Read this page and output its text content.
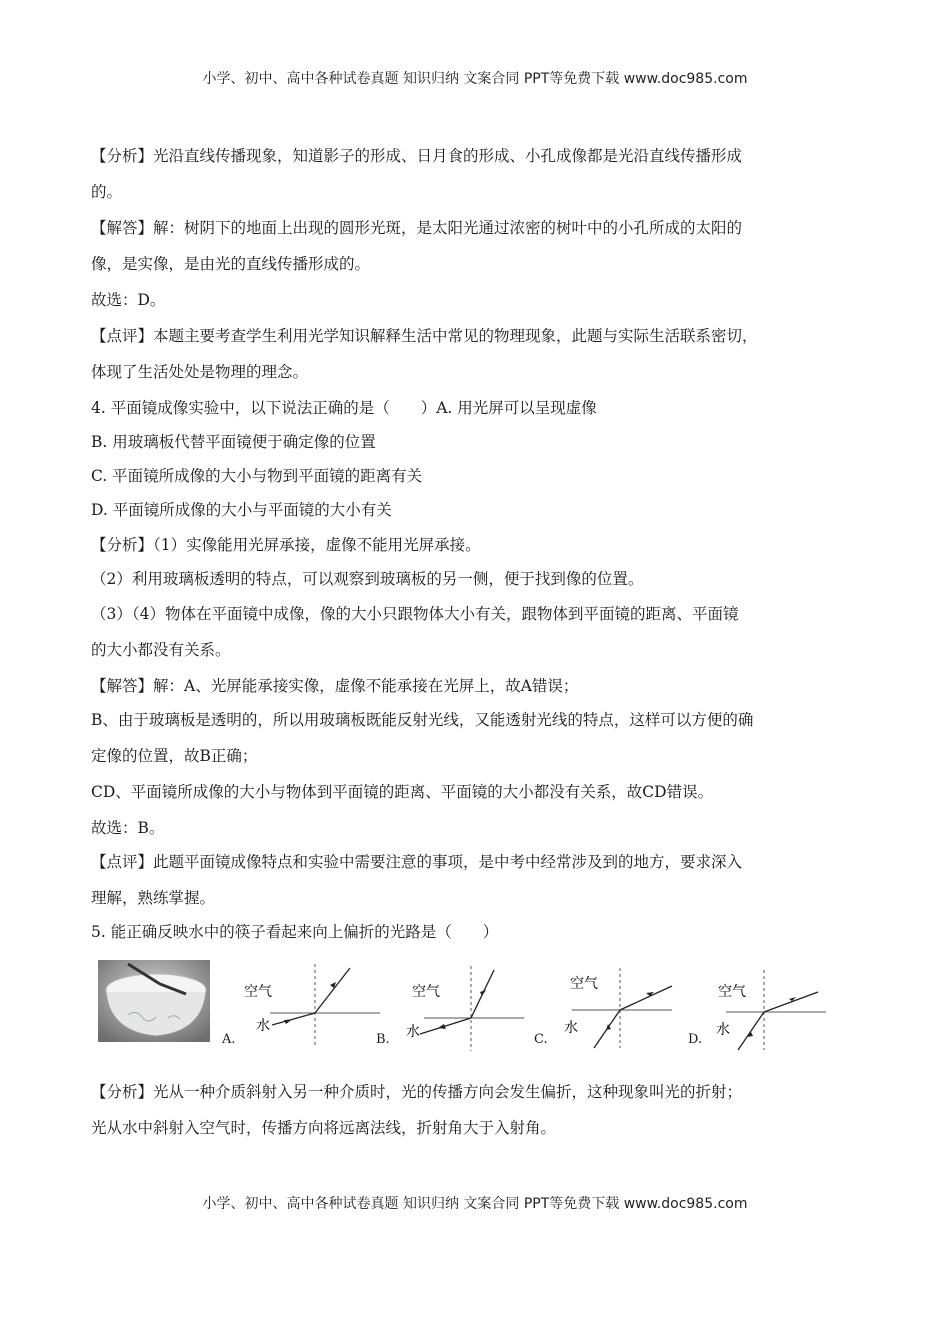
小学、初中、高中各种试卷真题 知识归纳 文案合同 PPT等免费下载 www.doc985.com
【分析】光沿直线传播现象，知道影子的形成、日月食的形成、小孔成像都是光沿直线传播形成
的。
【解答】解：树阴下的地面上出现的圆形光斑，是太阳光通过浓密的树叶中的小孔所成的太阳的
像，是实像，是由光的直线传播形成的。
故选：D。
【点评】本题主要考查学生利用光学知识解释生活中常见的物理现象，此题与实际生活联系密切，
体现了生活处处是物理的理念。
4. 平面镜成像实验中，以下说法正确的是（　　）A. 用光屏可以呈现虚像
B. 用玻璃板代替平面镜便于确定像的位置
C. 平面镜所成像的大小与物到平面镜的距离有关
D. 平面镜所成像的大小与平面镜的大小有关
【分析】（1）实像能用光屏承接，虚像不能用光屏承接。
（2）利用玻璃板透明的特点，可以观察到玻璃板的另一侧，便于找到像的位置。
（3）（4）物体在平面镜中成像，像的大小只跟物体大小有关，跟物体到平面镜的距离、平面镜
的大小都没有关系。
【解答】解：A、光屏能承接实像，虚像不能承接在光屏上，故A错误；
B、由于玻璃板是透明的，所以用玻璃板既能反射光线，又能透射光线的特点，这样可以方便的确
定像的位置，故B正确；
CD、平面镜所成像的大小与物体到平面镜的距离、平面镜的大小都没有关系，故CD错误。
故选：B。
【点评】此题平面镜成像特点和实验中需要注意的事项，是中考中经常涉及到的地方，要求深入
理解，熟练掌握。
5. 能正确反映水中的筷子看起来向上偏折的光路是（　　）
空气
水
A.
空气
水
B.
空气
水
C.
空气
水
D.
【分析】光从一种介质斜射入另一种介质时，光的传播方向会发生偏折，这种现象叫光的折射；
光从水中斜射入空气时，传播方向将远离法线，折射角大于入射角。
小学、初中、高中各种试卷真题 知识归纳 文案合同 PPT等免费下载 www.doc985.com
